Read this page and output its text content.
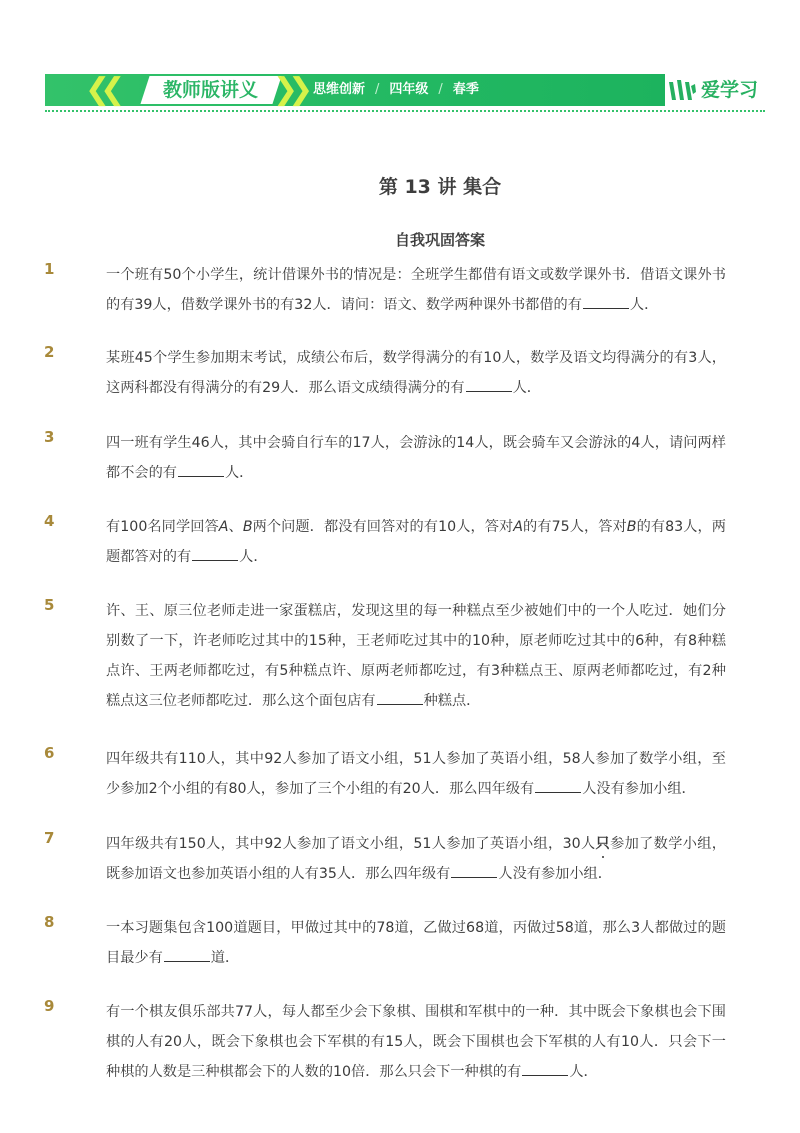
❮❮	教师版讲义 ❯❯ 思维创新 / 四年级 / 春季	爱学习
第 13 讲 集合
自我巩固答案
1	一个班有50个小学生，统计借课外书的情况是：全班学生都借有语文或数学课外书．借语文课外书的有39人，借数学课外书的有32人．请问：语文、数学两种课外书都借的有	人．
2	某班45个学生参加期末考试，成绩公布后，数学得满分的有10人，数学及语文均得满分的有3人，这两科都没有得满分的有29人．那么语文成绩得满分的有	人．
3	四一班有学生46人，其中会骑自行车的17人，会游泳的14人，既会骑车又会游泳的4人，请问两样都不会的有	人．
4	有100名同学回答A、B两个问题．都没有回答对的有10人，答对A的有75人，答对B的有83人，两题都答对的有	人．
5	许、王、原三位老师走进一家蛋糕店，发现这里的每一种糕点至少被她们中的一个人吃过．她们分别数了一下，许老师吃过其中的15种，王老师吃过其中的10种，原老师吃过其中的6种，有8种糕点许、王两老师都吃过，有5种糕点许、原两老师都吃过，有3种糕点王、原两老师都吃过，有2种糕点这三位老师都吃过．那么这个面包店有	种糕点．
6	四年级共有110人，其中92人参加了语文小组，51人参加了英语小组，58人参加了数学小组，至少参加2个小组的有80人，参加了三个小组的有20人．那么四年级有	人没有参加小组．
7	四年级共有150人，其中92人参加了语文小组，51人参加了英语小组，30人只参加了数学小组，既参加语文也参加英语小组的人有35人．那么四年级有	人没有参加小组．
8	一本习题集包含100道题目，甲做过其中的78道，乙做过68道，丙做过58道，那么3人都做过的题目最少有	道．
9	有一个棋友俱乐部共77人，每人都至少会下象棋、围棋和军棋中的一种．其中既会下象棋也会下围棋的人有20人，既会下象棋也会下军棋的有15人，既会下围棋也会下军棋的人有10人．只会下一种棋的人数是三种棋都会下的人数的10倍．那么只会下一种棋的有	人．
